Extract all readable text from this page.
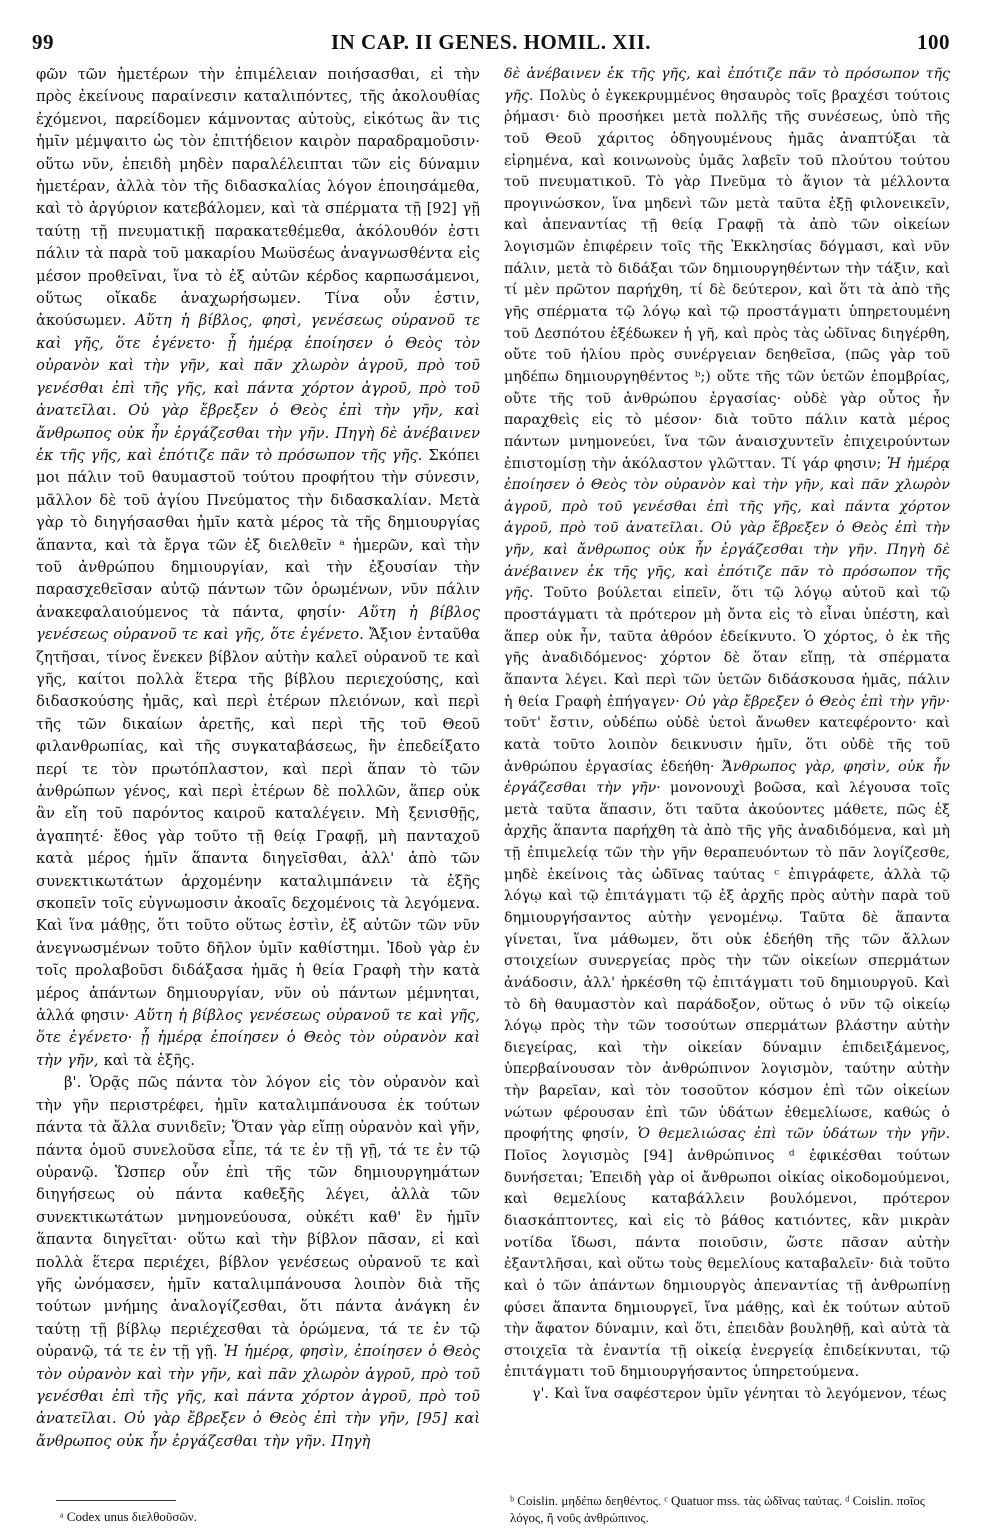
99	IN CAP. II GENES. HOMIL. XII.	100

φῶν τῶν ἡμετέρων τὴν ἐπιμέλειαν ποιήσασθαι, εἰ τὴν πρὸς ἐκείνους παραίνεσιν καταλιπόντες, τῆς ἀκολουθίας ἐχόμενοι, παρείδομεν κάμνοντας αὐτοὺς, εἰκότως ἂν τις ἡμῖν μέμψαιτο ὡς τὸν ἐπιτήδειον καιρὸν παραδραμοῦσιν· οὕτω νῦν, ἐπειδὴ μηδὲν παραλέλειπται τῶν εἰς δύναμιν ἡμετέραν, ἀλλὰ τὸν τῆς διδασκαλίας λόγον ἐποιησάμεθα, καὶ τὸ ἀργύριον κατεβάλομεν, καὶ τὰ σπέρματα τῇ [92] γῇ ταύτῃ τῇ πνευματικῇ παρακατεθέμεθα, ἀκόλουθόν ἐστι πάλιν τὰ παρὰ τοῦ μακαρίου Μωϋσέως ἀναγνωσθέντα εἰς μέσον προθεῖναι, ἵνα τὸ ἐξ αὐτῶν κέρδος καρπωσάμενοι, οὕτως οἴκαδε ἀναχωρήσωμεν. Τίνα οὖν ἐστιν, ἀκούσωμεν. Αὕτη ἡ βίβλος, φησὶ, γενέσεως οὐρανοῦ τε καὶ γῆς, ὅτε ἐγένετο· ᾗ ἡμέρᾳ ἐποίησεν ὁ Θεὸς τὸν οὐρανὸν καὶ τὴν γῆν, καὶ πᾶν χλωρὸν ἀγροῦ, πρὸ τοῦ γενέσθαι ἐπὶ τῆς γῆς, καὶ πάντα χόρτον ἀγροῦ, πρὸ τοῦ ἀνατεῖλαι. Οὐ γὰρ ἔβρεξεν ὁ Θεὸς ἐπὶ τὴν γῆν, καὶ ἄνθρωπος οὐκ ἦν ἐργάζεσθαι τὴν γῆν. Πηγὴ δὲ ἀνέβαινεν ἐκ τῆς γῆς, καὶ ἐπότιζε πᾶν τὸ πρόσωπον τῆς γῆς. Σκόπει μοι πάλιν τοῦ θαυμαστοῦ τούτου προφήτου τὴν σύνεσιν, μᾶλλον δὲ τοῦ ἁγίου Πνεύματος τὴν διδασκαλίαν. Μετὰ γὰρ τὸ διηγήσασθαι ἡμῖν κατὰ μέρος τὰ τῆς δημιουργίας ἅπαντα, καὶ τὰ ἔργα τῶν ἐξ διελθεῖν ᵃ ἡμερῶν, καὶ τὴν τοῦ ἀνθρώπου δημιουργίαν, καὶ τὴν ἐξουσίαν τὴν παρασχεθεῖσαν αὐτῷ πάντων τῶν ὁρωμένων, νῦν πάλιν ἀνακεφαλαιούμενος τὰ πάντα, φησίν· Αὕτη ἡ βίβλος γενέσεως οὐρανοῦ τε καὶ γῆς, ὅτε ἐγένετο. Ἄξιον ἐνταῦθα ζητῆσαι, τίνος ἕνεκεν βίβλον αὐτὴν καλεῖ οὐρανοῦ τε καὶ γῆς, καίτοι πολλὰ ἕτερα τῆς βίβλου περιεχούσης, καὶ διδασκούσης ἡμᾶς, καὶ περὶ ἑτέρων πλειόνων, καὶ περὶ τῆς τῶν δικαίων ἀρετῆς, καὶ περὶ τῆς τοῦ Θεοῦ φιλανθρωπίας, καὶ τῆς συγκαταβάσεως, ἣν ἐπεδείξατο περί τε τὸν πρωτόπλαστον, καὶ περὶ ἅπαν τὸ τῶν ἀνθρώπων γένος, καὶ περὶ ἑτέρων δὲ πολλῶν, ἅπερ οὐκ ἂν εἴη τοῦ παρόντος καιροῦ καταλέγειν. Μὴ ξενισθῇς, ἀγαπητέ· ἔθος γὰρ τοῦτο τῇ θείᾳ Γραφῇ, μὴ πανταχοῦ κατὰ μέρος ἡμῖν ἅπαντα διηγεῖσθαι, ἀλλ' ἀπὸ τῶν συνεκτικωτάτων ἀρχομένην καταλιμπάνειν τὰ ἑξῆς σκοπεῖν τοῖς εὐγνωμοσιν ἀκοαῖς δεχομένοις τὰ λεγόμενα. Καὶ ἵνα μάθῃς, ὅτι τοῦτο οὕτως ἐστὶν, ἐξ αὐτῶν τῶν νῦν ἀνεγνωσμένων τοῦτο δῆλον ὑμῖν καθίστημι. Ἰδοὺ γὰρ ἐν τοῖς προλαβοῦσι διδάξασα ἡμᾶς ἡ θεία Γραφὴ τὴν κατὰ μέρος ἁπάντων δημιουργίαν, νῦν οὐ πάντων μέμνηται, ἀλλά φησιν· Αὕτη ἡ βίβλος γενέσεως οὐρανοῦ τε καὶ γῆς, ὅτε ἐγένετο· ᾗ ἡμέρᾳ ἐποίησεν ὁ Θεὸς τὸν οὐρανὸν καὶ τὴν γῆν, καὶ τὰ ἑξῆς.

β'. Ὁρᾷς πῶς πάντα τὸν λόγον εἰς τὸν οὐρανὸν καὶ τὴν γῆν περιστρέφει, ἡμῖν καταλιμπάνουσα ἐκ τούτων πάντα τὰ ἄλλα συνιδεῖν; Ὅταν γὰρ εἴπῃ οὐρανὸν καὶ γῆν, πάντα ὁμοῦ συνελοῦσα εἶπε, τά τε ἐν τῇ γῇ, τά τε ἐν τῷ οὐρανῷ. Ὥσπερ οὖν ἐπὶ τῆς τῶν δημιουργημάτων διηγήσεως οὐ πάντα καθεξῆς λέγει, ἀλλὰ τῶν συνεκτικωτάτων μνημονεύουσα, οὐκέτι καθ' ἓν ἡμῖν ἅπαντα διηγεῖται· οὕτω καὶ τὴν βίβλον πᾶσαν, εἰ καὶ πολλὰ ἕτερα περιέχει, βίβλον γενέσεως οὐρανοῦ τε καὶ γῆς ὠνόμασεν, ἡμῖν καταλιμπάνουσα λοιπὸν διὰ τῆς τούτων μνήμης ἀναλογίζεσθαι, ὅτι πάντα ἀνάγκη ἐν ταύτῃ τῇ βίβλῳ περιέχεσθαι τὰ ὁρώμενα, τά τε ἐν τῷ οὐρανῷ, τά τε ἐν τῇ γῇ. Ἡ ἡμέρᾳ, φησὶν, ἐποίησεν ὁ Θεὸς τὸν οὐρανὸν καὶ τὴν γῆν, καὶ πᾶν χλωρὸν ἀγροῦ, πρὸ τοῦ γενέσθαι ἐπὶ τῆς γῆς, καὶ πάντα χόρτον ἀγροῦ, πρὸ τοῦ ἀνατεῖλαι. Οὐ γὰρ ἔβρεξεν ὁ Θεὸς ἐπὶ τὴν γῆν, [95] καὶ ἄνθρωπος οὐκ ἦν ἐργάζεσθαι τὴν γῆν. Πηγὴ

δὲ ἀνέβαινεν ἐκ τῆς γῆς, καὶ ἐπότιζε πᾶν τὸ πρόσωπον τῆς γῆς. Πολὺς ὁ ἐγκεκρυμμένος θησαυρὸς τοῖς βραχέσι τούτοις ῥήμασι· διὸ προσήκει μετὰ πολλῆς τῆς συνέσεως, ὑπὸ τῆς τοῦ Θεοῦ χάριτος ὁδηγουμένους ἡμᾶς ἀναπτύξαι τὰ εἰρημένα, καὶ κοινωνοὺς ὑμᾶς λαβεῖν τοῦ πλούτου τούτου τοῦ πνευματικοῦ. Τὸ γὰρ Πνεῦμα τὸ ἅγιον τὰ μέλλοντα προγινώσκον, ἵνα μηδενὶ τῶν μετὰ ταῦτα ἐξῇ φιλονεικεῖν, καὶ ἀπεναντίας τῇ θείᾳ Γραφῇ τὰ ἀπὸ τῶν οἰκείων λογισμῶν ἐπιφέρειν τοῖς τῆς Ἐκκλησίας δόγμασι, καὶ νῦν πάλιν, μετὰ τὸ διδάξαι τῶν δημιουργηθέντων τὴν τάξιν, καὶ τί μὲν πρῶτον παρήχθη, τί δὲ δεύτερον, καὶ ὅτι τὰ ἀπὸ τῆς γῆς σπέρματα τῷ λόγῳ καὶ τῷ προστάγματι ὑπηρετουμένη τοῦ Δεσπότου ἐξέδωκεν ἡ γῆ, καὶ πρὸς τὰς ὠδῖνας διηγέρθη, οὔτε τοῦ ἡλίου πρὸς συνέργειαν δεηθεῖσα, (πῶς γὰρ τοῦ μηδέπω δημιουργηθέντος ᵇ;) οὔτε τῆς τῶν ὑετῶν ἐπομβρίας, οὔτε τῆς τοῦ ἀνθρώπου ἐργασίας· οὐδὲ γὰρ οὗτος ἦν παραχθεὶς εἰς τὸ μέσον· διὰ τοῦτο πάλιν κατὰ μέρος πάντων μνημονεύει, ἵνα τῶν ἀναισχυντεῖν ἐπιχειρούντων ἐπιστομίσῃ τὴν ἀκόλαστον γλῶτταν. Τί γάρ φησιν; Ἡ ἡμέρᾳ ἐποίησεν ὁ Θεὸς τὸν οὐρανὸν καὶ τὴν γῆν, καὶ πᾶν χλωρὸν ἀγροῦ, πρὸ τοῦ γενέσθαι ἐπὶ τῆς γῆς, καὶ πάντα χόρτον ἀγροῦ, πρὸ τοῦ ἀνατεῖλαι. Οὐ γὰρ ἔβρεξεν ὁ Θεὸς ἐπὶ τὴν γῆν, καὶ ἄνθρωπος οὐκ ἦν ἐργάζεσθαι τὴν γῆν. Πηγὴ δὲ ἀνέβαινεν ἐκ τῆς γῆς, καὶ ἐπότιζε πᾶν τὸ πρόσωπον τῆς γῆς. Τοῦτο βούλεται εἰπεῖν, ὅτι τῷ λόγῳ αὐτοῦ καὶ τῷ προστάγματι τὰ πρότερον μὴ ὄντα εἰς τὸ εἶναι ὑπέστη, καὶ ἅπερ οὐκ ἦν, ταῦτα ἀθρόον ἐδείκνυτο. Ὁ χόρτος, ὁ ἐκ τῆς γῆς ἀναδιδόμενος· χόρτον δὲ ὅταν εἴπῃ, τὰ σπέρματα ἅπαντα λέγει. Καὶ περὶ τῶν ὑετῶν διδάσκουσα ἡμᾶς, πάλιν ἡ θεία Γραφὴ ἐπήγαγεν· Οὐ γὰρ ἔβρεξεν ὁ Θεὸς ἐπὶ τὴν γῆν· τοῦτ' ἔστιν, οὐδέπω οὐδὲ ὑετοὶ ἄνωθεν κατεφέροντο· καὶ κατὰ τοῦτο λοιπὸν δεικνυσιν ἡμῖν, ὅτι οὐδὲ τῆς τοῦ ἀνθρώπου ἐργασίας ἐδεήθη· Ἄνθρωπος γὰρ, φησὶν, οὐκ ἦν ἐργάζεσθαι τὴν γῆν· μονονουχὶ βοῶσα, καὶ λέγουσα τοῖς μετὰ ταῦτα ἅπασιν, ὅτι ταῦτα ἀκούοντες μάθετε, πῶς ἐξ ἀρχῆς ἅπαντα παρήχθη τὰ ἀπὸ τῆς γῆς ἀναδιδόμενα, καὶ μὴ τῇ ἐπιμελείᾳ τῶν τὴν γῆν θεραπευόντων τὸ πᾶν λογίζεσθε, μηδὲ ἐκείνοις τὰς ὠδῖνας ταύτας ᶜ ἐπιγράφετε, ἀλλὰ τῷ λόγῳ καὶ τῷ ἐπιτάγματι τῷ ἐξ ἀρχῆς πρὸς αὐτὴν παρὰ τοῦ δημιουργήσαντος αὐτὴν γενομένῳ. Ταῦτα δὲ ἅπαντα γίνεται, ἵνα μάθωμεν, ὅτι οὐκ ἐδεήθη τῆς τῶν ἄλλων στοιχείων συνεργείας πρὸς τὴν τῶν οἰκείων σπερμάτων ἀνάδοσιν, ἀλλ' ἠρκέσθη τῷ ἐπιτάγματι τοῦ δημιουργοῦ. Καὶ τὸ δὴ θαυμαστὸν καὶ παράδοξον, οὕτως ὁ νῦν τῷ οἰκείῳ λόγῳ πρὸς τὴν τῶν τοσούτων σπερμάτων βλάστην αὐτὴν διεγείρας, καὶ τὴν οἰκείαν δύναμιν ἐπιδειξάμενος, ὑπερβαίνουσαν τὸν ἀνθρώπινον λογισμὸν, ταύτην αὐτὴν τὴν βαρεῖαν, καὶ τὸν τοσοῦτον κόσμον ἐπὶ τῶν οἰκείων νώτων φέρουσαν ἐπὶ τῶν ὑδάτων ἐθεμελίωσε, καθώς ὁ προφήτης φησίν, Ὁ θεμελιώσας ἐπὶ τῶν ὑδάτων τὴν γῆν. Ποῖος λογισμὸς [94] ἀνθρώπινος ᵈ ἐφικέσθαι τούτων δυνήσεται; Ἐπειδὴ γὰρ οἱ ἄνθρωποι οἰκίας οἰκοδομούμενοι, καὶ θεμελίους καταβάλλειν βουλόμενοι, πρότερον διασκάπτοντες, καὶ εἰς τὸ βάθος κατιόντες, κἂν μικρὰν νοτίδα ἴδωσι, πάντα ποιοῦσιν, ὥστε πᾶσαν αὐτὴν ἐξαντλῆσαι, καὶ οὕτω τοὺς θεμελίους καταβαλεῖν· διὰ τοῦτο καὶ ὁ τῶν ἁπάντων δημιουργὸς ἀπεναντίας τῇ ἀνθρωπίνῃ φύσει ἅπαντα δημιουργεῖ, ἵνα μάθῃς, καὶ ἐκ τούτων αὐτοῦ τὴν ἄφατον δύναμιν, καὶ ὅτι, ἐπειδὰν βουληθῇ, καὶ αὐτὰ τὰ στοιχεῖα τὰ ἐναντία τῇ οἰκείᾳ ἐνεργείᾳ ἐπιδείκνυται, τῷ ἐπιτάγματι τοῦ δημιουργήσαντος ὑπηρετούμενα.

γ'. Καὶ ἵνα σαφέστερον ὑμῖν γένηται τὸ λεγόμενον, τέως

ᵃ Codex unus διελθοῦσῶν.
ᵇ Coislin. μηδέπω δεηθέντος. ᶜ Quatuor mss. τὰς ὠδῖνας ταύτας. ᵈ Coislin. ποῖος λόγος, ἢ νοῦς ἀνθρώπινος.
